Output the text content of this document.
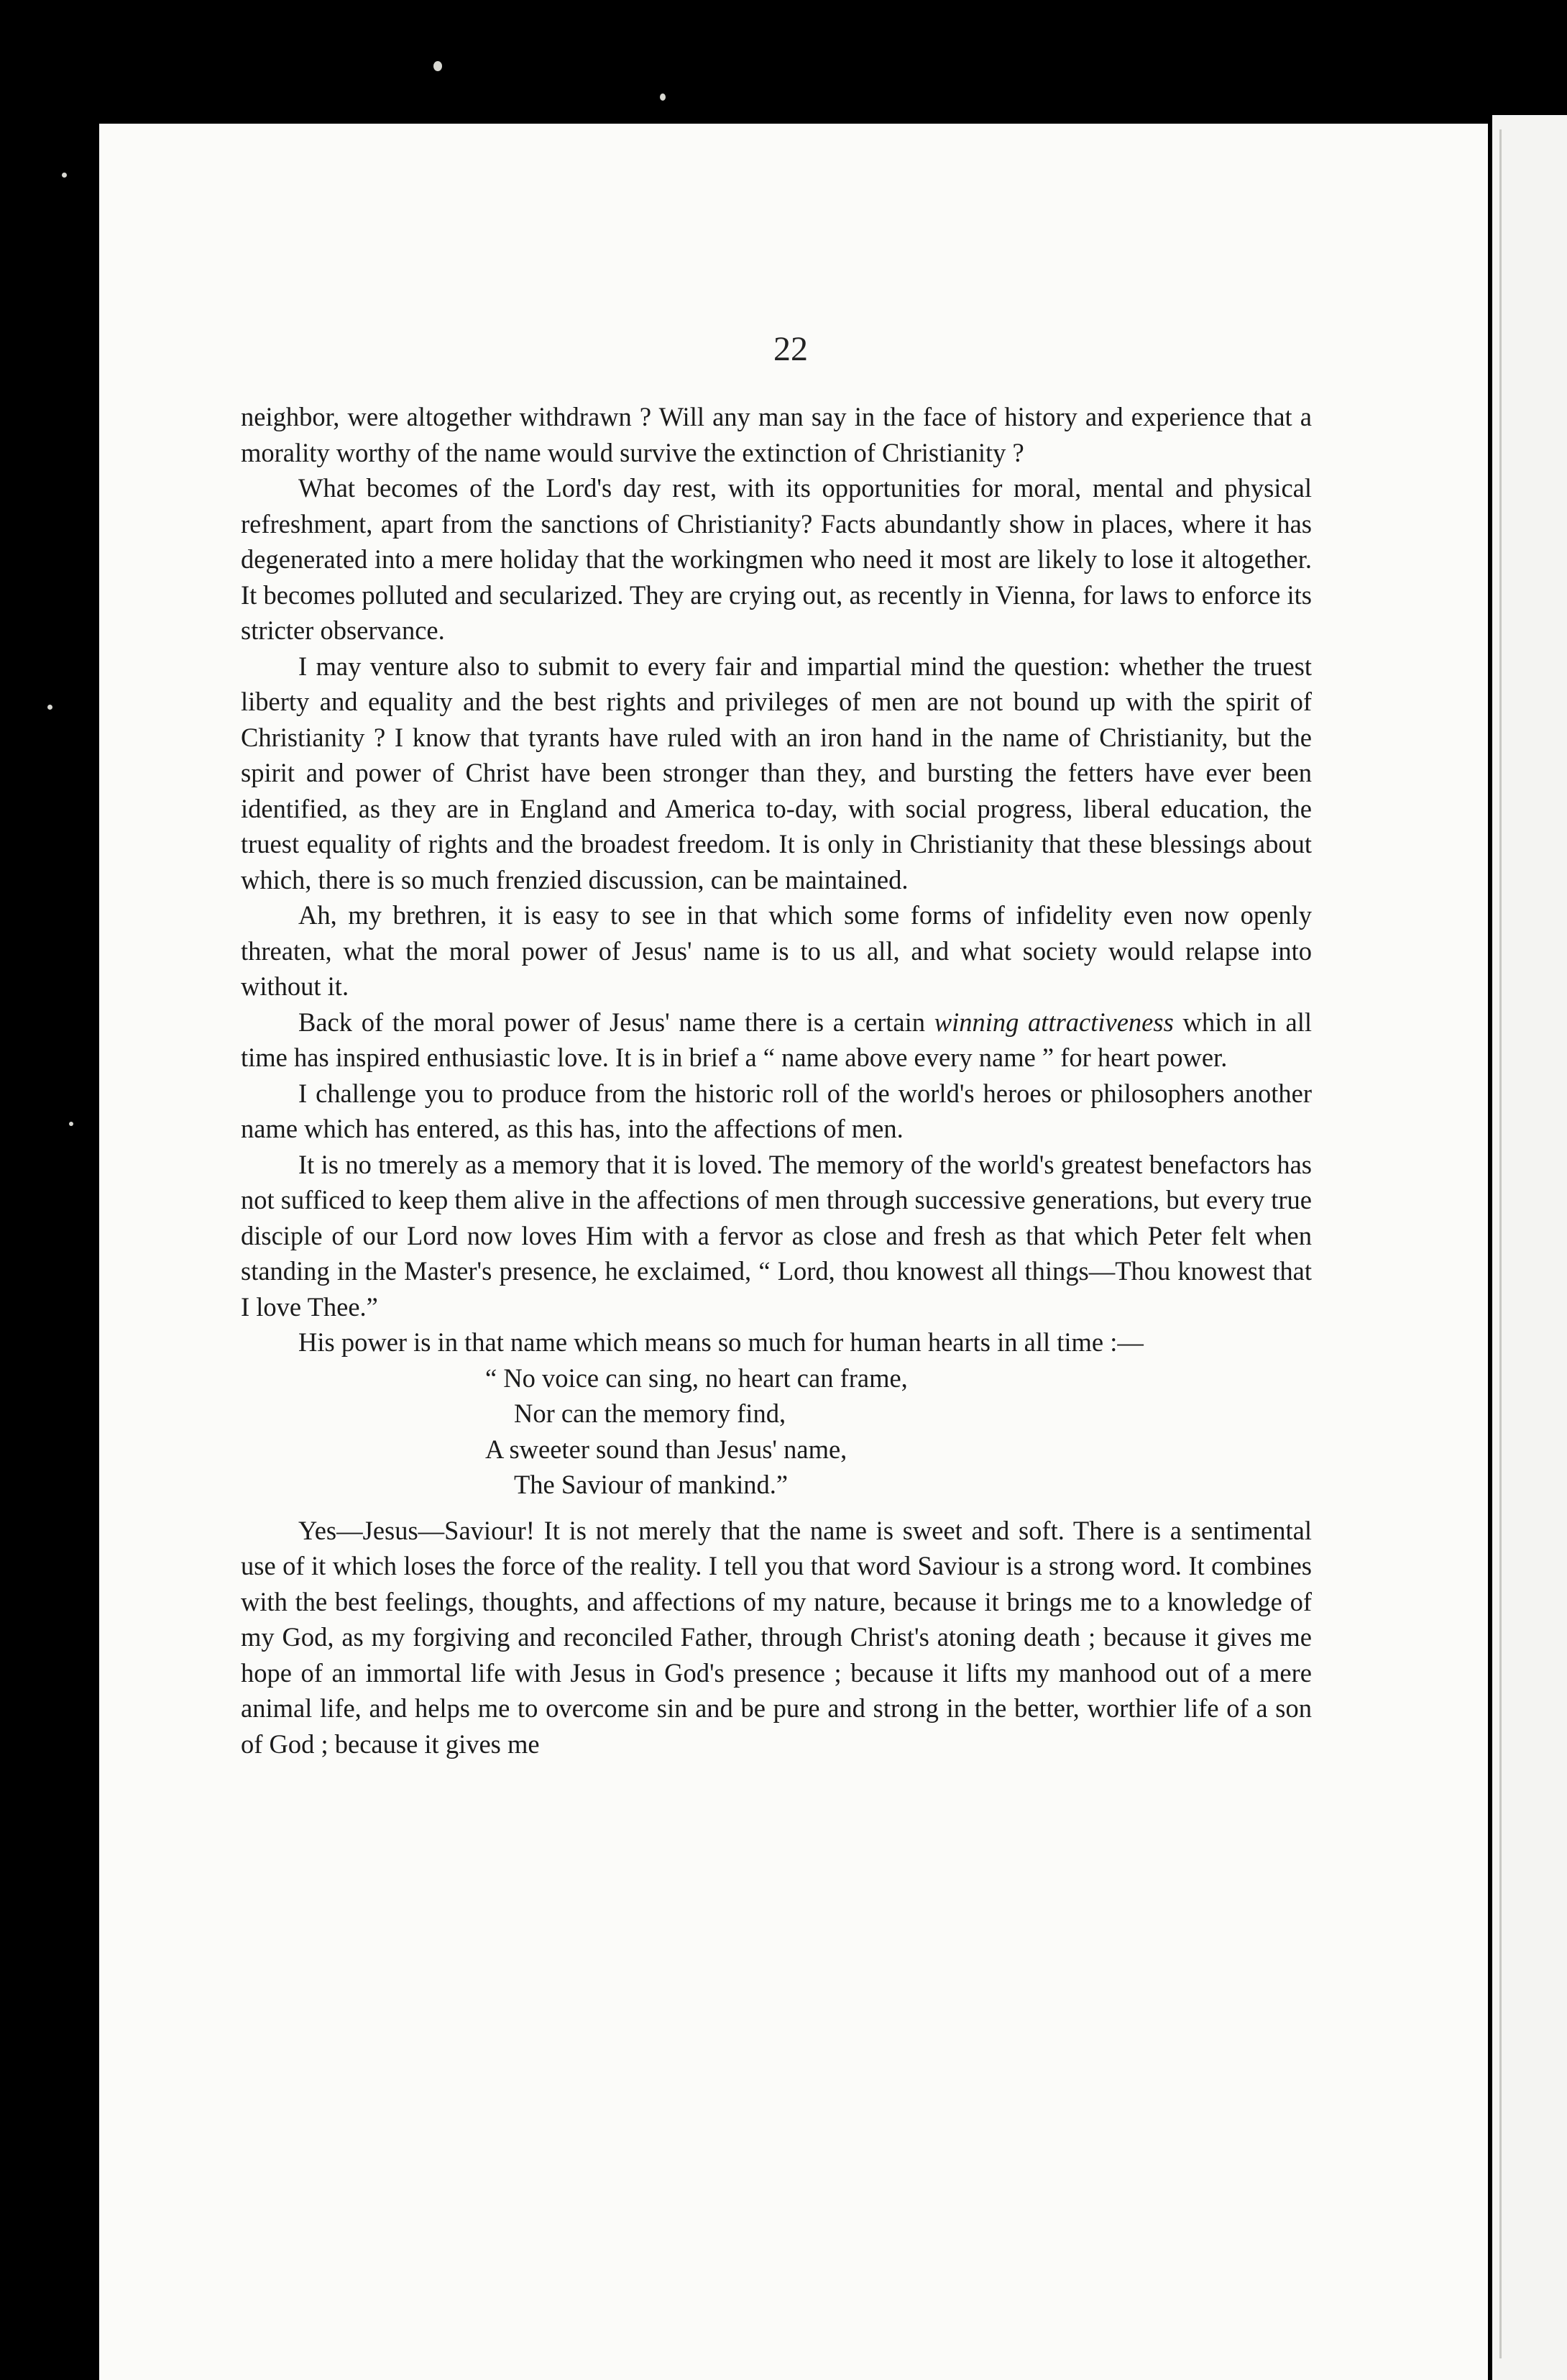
22

neighbor, were altogether withdrawn ? Will any man say in the face of history and experience that a morality worthy of the name would survive the extinction of Christianity ?

What becomes of the Lord's day rest, with its opportunities for moral, mental and physical refreshment, apart from the sanctions of Christianity? Facts abundantly show in places, where it has degenerated into a mere holiday that the workingmen who need it most are likely to lose it altogether. It becomes polluted and secularized. They are crying out, as recently in Vienna, for laws to enforce its stricter observance.

I may venture also to submit to every fair and impartial mind the question: whether the truest liberty and equality and the best rights and privileges of men are not bound up with the spirit of Christianity ? I know that tyrants have ruled with an iron hand in the name of Christianity, but the spirit and power of Christ have been stronger than they, and bursting the fetters have ever been identified, as they are in England and America to-day, with social progress, liberal education, the truest equality of rights and the broadest freedom. It is only in Christianity that these blessings about which, there is so much frenzied discussion, can be maintained.

Ah, my brethren, it is easy to see in that which some forms of infidelity even now openly threaten, what the moral power of Jesus' name is to us all, and what society would relapse into without it.

Back of the moral power of Jesus' name there is a certain winning attractiveness which in all time has inspired enthusiastic love. It is in brief a “ name above every name ” for heart power.

I challenge you to produce from the historic roll of the world's heroes or philosophers another name which has entered, as this has, into the affections of men.

It is no tmerely as a memory that it is loved. The memory of the world's greatest benefactors has not sufficed to keep them alive in the affections of men through successive generations, but every true disciple of our Lord now loves Him with a fervor as close and fresh as that which Peter felt when standing in the Master's presence, he exclaimed, “ Lord, thou knowest all things—Thou knowest that I love Thee.”

His power is in that name which means so much for human hearts in all time :—

“ No voice can sing, no heart can frame,
Nor can the memory find,
A sweeter sound than Jesus' name,
The Saviour of mankind.”

Yes—Jesus—Saviour! It is not merely that the name is sweet and soft. There is a sentimental use of it which loses the force of the reality. I tell you that word Saviour is a strong word. It combines with the best feelings, thoughts, and affections of my nature, because it brings me to a knowledge of my God, as my forgiving and reconciled Father, through Christ's atoning death ; because it gives me hope of an immortal life with Jesus in God's presence ; because it lifts my manhood out of a mere animal life, and helps me to overcome sin and be pure and strong in the better, worthier life of a son of God ; because it gives me
